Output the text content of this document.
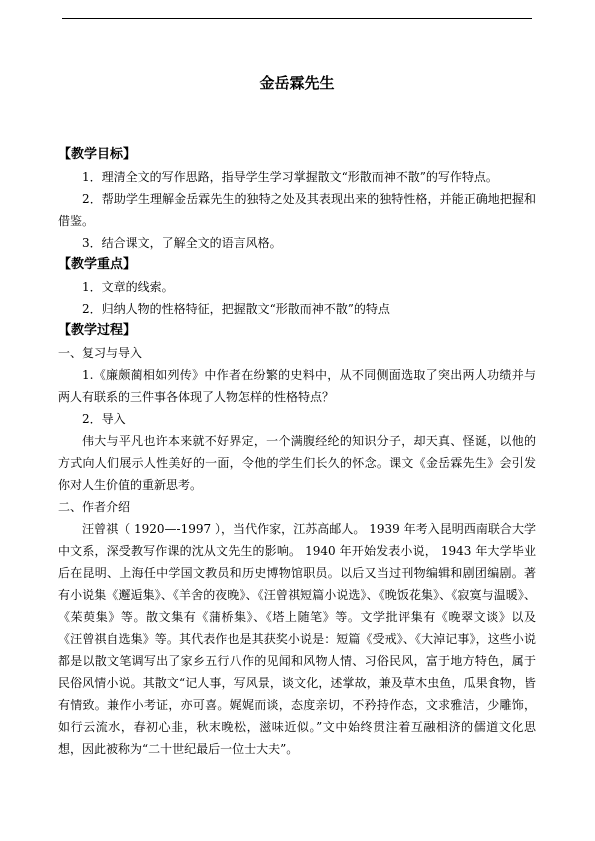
金岳霖先生

【教学目标】

1．理清全文的写作思路，指导学生学习掌握散文“形散而神不散”的写作特点。

2．帮助学生理解金岳霖先生的独特之处及其表现出来的独特性格，并能正确地把握和借鉴。

3．结合课文，了解全文的语言风格。

【教学重点】

1．文章的线索。

2．归纳人物的性格特征，把握散文“形散而神不散”的特点

【教学过程】

一、复习与导入

1.《廉颇蔺相如列传》中作者在纷繁的史料中，从不同侧面选取了突出两人功绩并与两人有联系的三件事各体现了人物怎样的性格特点？

2．导入

伟大与平凡也许本来就不好界定，一个满腹经纶的知识分子，却天真、怪诞，以他的方式向人们展示人性美好的一面，令他的学生们长久的怀念。课文《金岳霖先生》会引发你对人生价值的重新思考。

二、作者介绍

汪曾祺（ 1920—-1997 ），当代作家，江苏高邮人。 1939 年考入昆明西南联合大学中文系，深受教写作课的沈从文先生的影响。 1940 年开始发表小说， 1943 年大学毕业后在昆明、上海任中学国文教员和历史博物馆职员。以后又当过刊物编辑和剧团编剧。著有小说集《邂逅集》、《羊舍的夜晚》、《汪曾祺短篇小说选》、《晚饭花集》、《寂寞与温暖》、《茱萸集》等。散文集有《蒲桥集》、《塔上随笔》等。文学批评集有《晚翠文谈》以及《汪曾祺自选集》等。其代表作也是其获奖小说是：短篇《受戒》、《大淖记事》，这些小说都是以散文笔调写出了家乡五行八作的见闻和风物人情、习俗民风，富于地方特色，属于民俗风情小说。其散文“记人事，写风景，谈文化，述掌故，兼及草木虫鱼，瓜果食物，皆有情致。兼作小考证，亦可喜。娓娓而谈，态度亲切，不矜持作态，文求雅洁，少雕饰，如行云流水，春初心韭，秋末晚松，滋味近似。”文中始终贯注着互融相济的儒道文化思想，因此被称为“二十世纪最后一位士大夫”。
